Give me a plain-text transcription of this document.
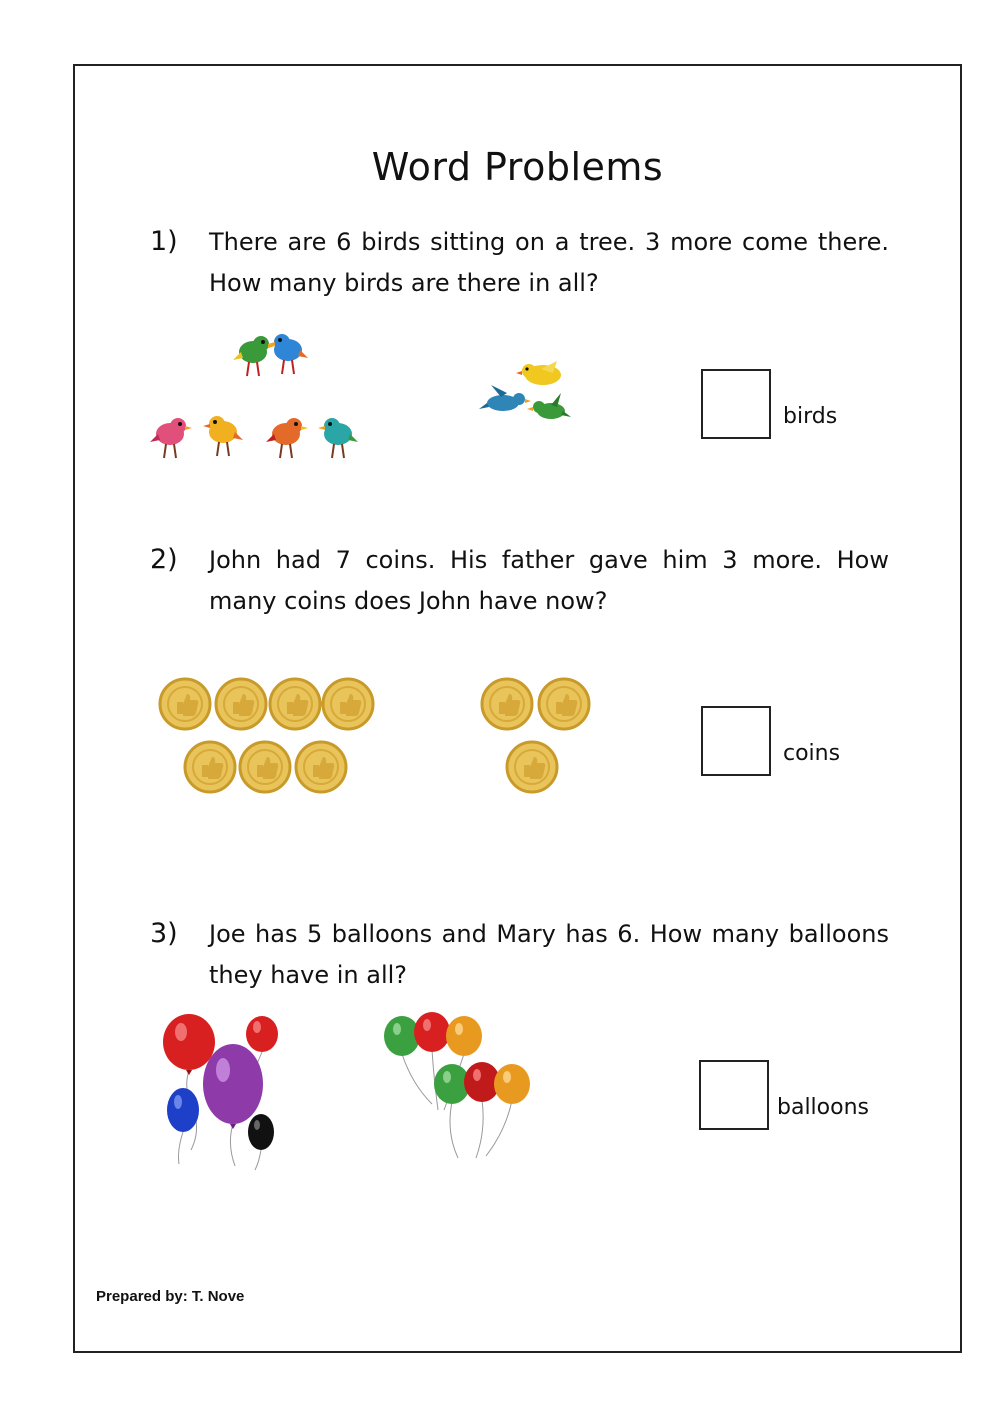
Word Problems
1) There are 6 birds sitting on a tree. 3 more come there. How many birds are there in all?
birds
2) John had 7 coins. His father gave him 3 more. How many coins does John have now?
coins
3) Joe has 5 balloons and Mary has 6. How many balloons they have in all?
balloons
Prepared by: T. Nove
